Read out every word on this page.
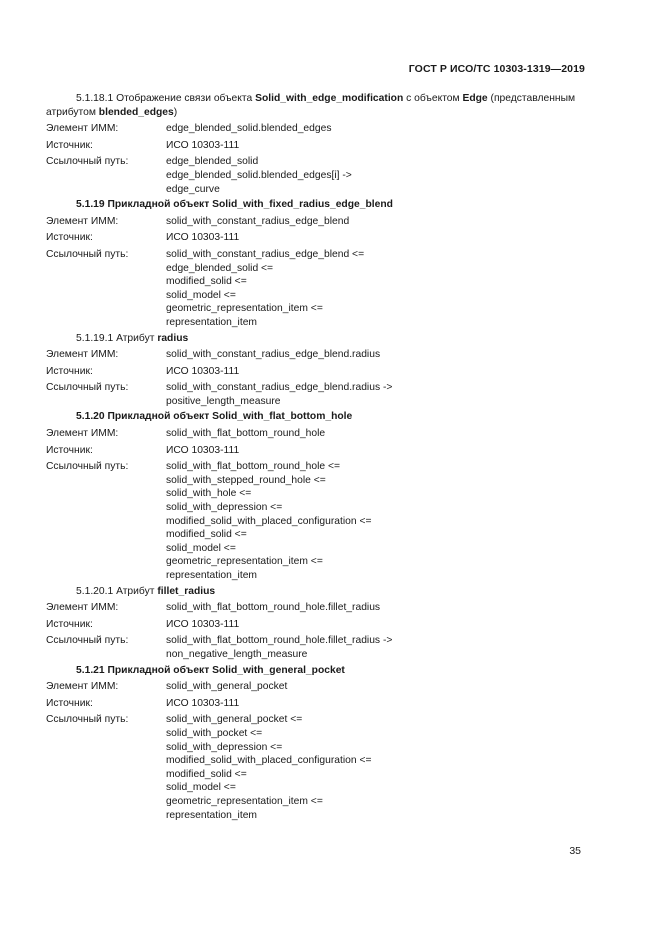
ГОСТ Р ИСО/ТС 10303-1319—2019

5.1.18.1 Отображение связи объекта Solid_with_edge_modification с объектом Edge (представленным атрибутом blended_edges)

Элемент ИММ:	edge_blended_solid.blended_edges
Источник:	ИСО 10303-111
Ссылочный путь:	edge_blended_solid
edge_blended_solid.blended_edges[i] ->
edge_curve
5.1.19 Прикладной объект Solid_with_fixed_radius_edge_blend
Элемент ИММ:	solid_with_constant_radius_edge_blend
Источник:	ИСО 10303-111
Ссылочный путь:	solid_with_constant_radius_edge_blend <=
edge_blended_solid <=
modified_solid <=
solid_model <=
geometric_representation_item <=
representation_item
5.1.19.1 Атрибут radius
Элемент ИММ:	solid_with_constant_radius_edge_blend.radius
Источник:	ИСО 10303-111
Ссылочный путь:	solid_with_constant_radius_edge_blend.radius ->
positive_length_measure
5.1.20 Прикладной объект Solid_with_flat_bottom_hole
Элемент ИММ:	solid_with_flat_bottom_round_hole
Источник:	ИСО 10303-111
Ссылочный путь:	solid_with_flat_bottom_round_hole <=
solid_with_stepped_round_hole <=
solid_with_hole <=
solid_with_depression <=
modified_solid_with_placed_configuration <=
modified_solid <=
solid_model <=
geometric_representation_item <=
representation_item
5.1.20.1 Атрибут fillet_radius
Элемент ИММ:	solid_with_flat_bottom_round_hole.fillet_radius
Источник:	ИСО 10303-111
Ссылочный путь:	solid_with_flat_bottom_round_hole.fillet_radius ->
non_negative_length_measure
5.1.21 Прикладной объект Solid_with_general_pocket
Элемент ИММ:	solid_with_general_pocket
Источник:	ИСО 10303-111
Ссылочный путь:	solid_with_general_pocket <=
solid_with_pocket <=
solid_with_depression <=
modified_solid_with_placed_configuration <=
modified_solid <=
solid_model <=
geometric_representation_item <=
representation_item
35
